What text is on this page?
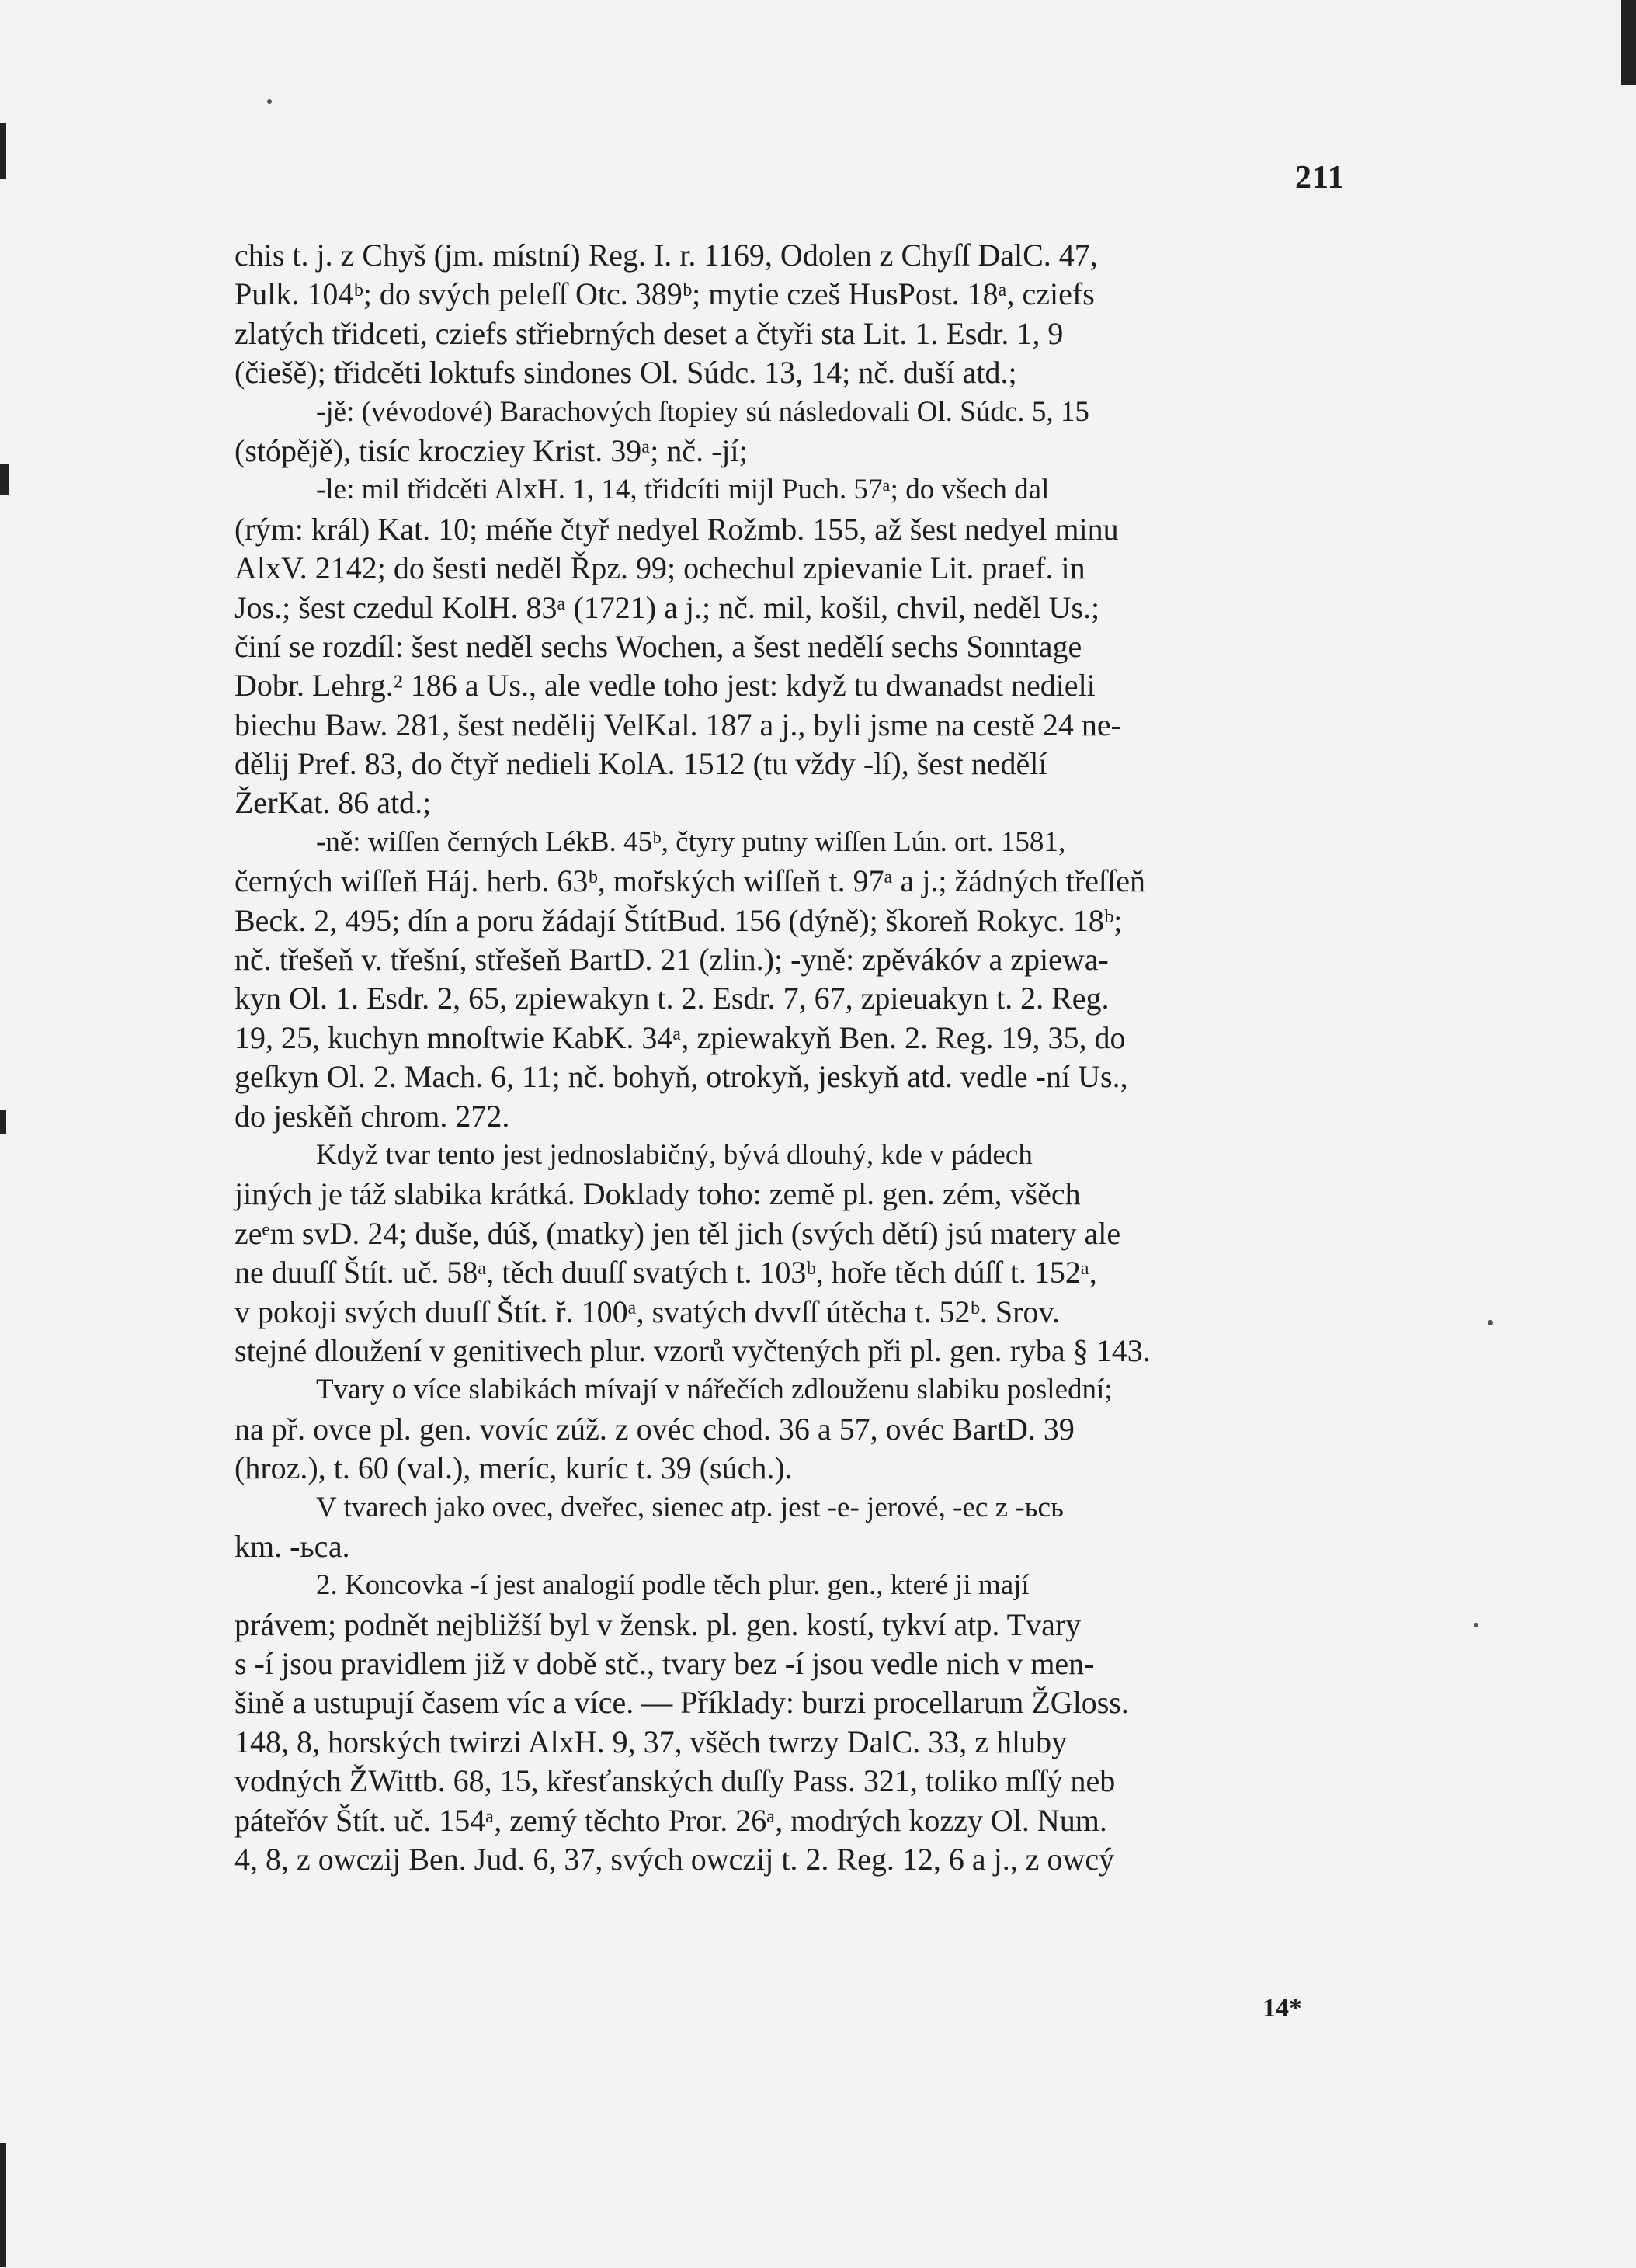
211
chis t. j. z Chyš (jm. místní) Reg. I. r. 1169, Odolen z Chyſſ DalC. 47,
Pulk. 104ᵇ; do svých peleſſ Otc. 389ᵇ; mytie czeš HusPost. 18ᵃ, cziefs
zlatých třidceti, cziefs střiebrných deset a čtyři sta Lit. 1. Esdr. 1, 9
(čiešě); třidcěti loktufs sindones Ol. Súdc. 13, 14; nč. duší atd.;
-jě: (vévodové) Barachových ſtopiey sú následovali Ol. Súdc. 5, 15
(stópějě), tisíc krocziey Krist. 39ᵃ; nč. -jí;
-le: mil třidcěti AlxH. 1, 14, třidcíti mijl Puch. 57ᵃ; do všech dal
(rým: král) Kat. 10; méňe čtyř nedyel Rožmb. 155, až šest nedyel minu
AlxV. 2142; do šesti neděl Řpz. 99; ochechul zpievanie Lit. praef. in
Jos.; šest czedul KolH. 83ᵃ (1721) a j.; nč. mil, košil, chvil, neděl Us.;
činí se rozdíl: šest neděl sechs Wochen, a šest nedělí sechs Sonntage
Dobr. Lehrg.² 186 a Us., ale vedle toho jest: když tu dwanadst nedieli
biechu Baw. 281, šest nedělij VelKal. 187 a j., byli jsme na cestě 24 ne-
dělij Pref. 83, do čtyř nedieli KolA. 1512 (tu vždy -lí), šest nedělí
ŽerKat. 86 atd.;
-ně: wiſſen černých LékB. 45ᵇ, čtyry putny wiſſen Lún. ort. 1581,
černých wiſſeň Háj. herb. 63ᵇ, mořských wiſſeň t. 97ᵃ a j.; žádných třeſſeň
Beck. 2, 495; dín a poru žádají ŠtítBud. 156 (dýně); škoreň Rokyc. 18ᵇ;
nč. třešeň v. třešní, střešeň BartD. 21 (zlin.); -yně: zpěvákóv a zpiewa-
kyn Ol. 1. Esdr. 2, 65, zpiewakyn t. 2. Esdr. 7, 67, zpieuakyn t. 2. Reg.
19, 25, kuchyn mnoſtwie KabK. 34ᵃ, zpiewakyň Ben. 2. Reg. 19, 35, do
geſkyn Ol. 2. Mach. 6, 11; nč. bohyň, otrokyň, jeskyň atd. vedle -ní Us.,
do jeskěň chrom. 272.
Když tvar tento jest jednoslabičný, bývá dlouhý, kde v pádech
jiných je táž slabika krátká. Doklady toho: země pl. gen. zém, všěch
zeᵉm svD. 24; duše, dúš, (matky) jen těl jich (svých dětí) jsú matery ale
ne duuſſ Štít. uč. 58ᵃ, těch duuſſ svatých t. 103ᵇ, hoře těch dúſſ t. 152ᵃ,
v pokoji svých duuſſ Štít. ř. 100ᵃ, svatých dvvſſ útěcha t. 52ᵇ. Srov.
stejné dloužení v genitivech plur. vzorů vyčtených při pl. gen. ryba § 143.
Tvary o více slabikách mívají v nářečích zdlouženu slabiku poslední;
na př. ovce pl. gen. vovíc zúž. z ovéc chod. 36 a 57, ovéc BartD. 39
(hroz.), t. 60 (val.), meríc, kuríc t. 39 (súch.).
V tvarech jako ovec, dveřec, sienec atp. jest -e- jerové, -ec z -ьсь
km. -ьса.
2. Koncovka -í jest analogií podle těch plur. gen., které ji mají
právem; podnět nejbližší byl v žensk. pl. gen. kostí, tykví atp. Tvary
s -í jsou pravidlem již v době stč., tvary bez -í jsou vedle nich v men-
šině a ustupují časem víc a více. — Příklady: burzi procellarum ŽGloss.
148, 8, horských twirzi AlxH. 9, 37, všěch twrzy DalC. 33, z hluby
vodných ŽWittb. 68, 15, křesťanských duſſy Pass. 321, toliko mſſý neb
páteřóv Štít. uč. 154ᵃ, zemý těchto Pror. 26ᵃ, modrých kozzy Ol. Num.
4, 8, z owczij Ben. Jud. 6, 37, svých owczij t. 2. Reg. 12, 6 a j., z owcý
14*
